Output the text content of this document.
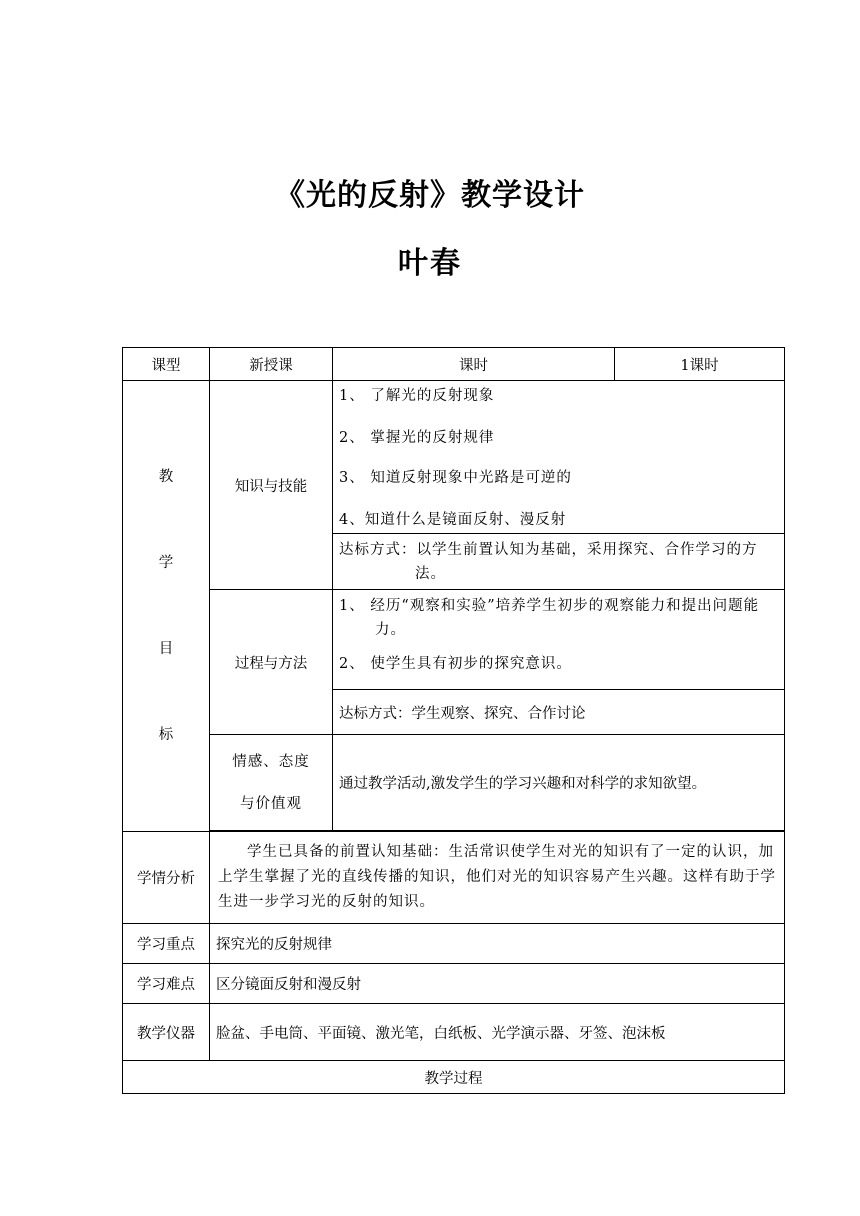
《光的反射》教学设计
叶春
课型	新授课	课时	1课时

教
学
目
标	知识与技能	1、 了解光的反射现象
2、 掌握光的反射规律
3、 知道反射现象中光路是可逆的
4、知道什么是镜面反射、漫反射	

		达标方式：以学生前置认知为基础，采用探究、合作学习的方法。	

	过程与方法	1、 经历“观察和实验”培养学生初步的观察能力和提出问题能力。
2、 使学生具有初步的探究意识。	

		达标方式：学生观察、探究、合作讨论	

	情感、态度
与价值观	通过教学活动,激发学生的学习兴趣和对科学的求知欲望。	

学情分析	学生已具备的前置认知基础：生活常识使学生对光的知识有了一定的认识，加上学生掌握了光的直线传播的知识，他们对光的知识容易产生兴趣。这样有助于学生进一步学习光的反射的知识。		
学习重点	探究光的反射规律		
学习难点	区分镜面反射和漫反射		
教学仪器	脸盆、手电筒、平面镜、激光笔，白纸板、光学演示器、牙签、泡沫板		
教学过程			
